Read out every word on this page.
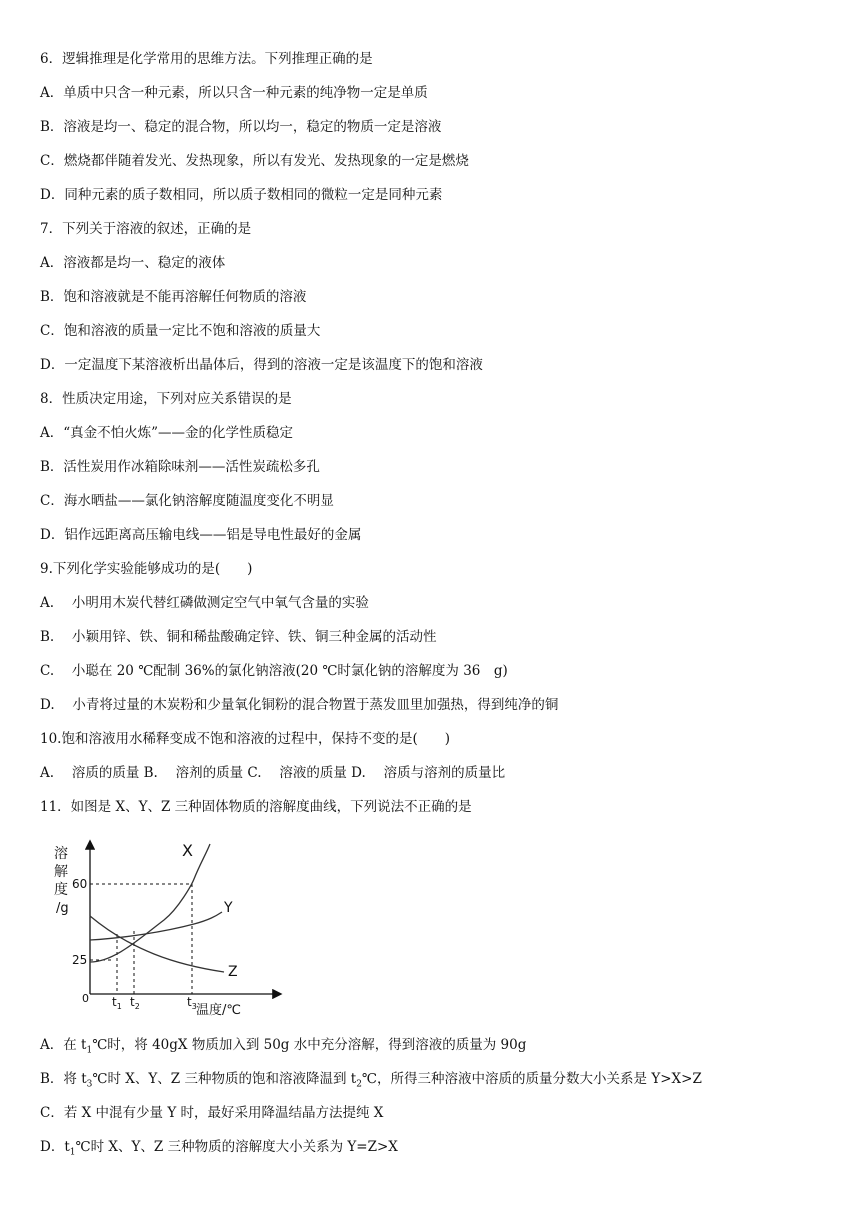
6．逻辑推理是化学常用的思维方法。下列推理正确的是
A．单质中只含一种元素，所以只含一种元素的纯净物一定是单质
B．溶液是均一、稳定的混合物，所以均一，稳定的物质一定是溶液
C．燃烧都伴随着发光、发热现象，所以有发光、发热现象的一定是燃烧
D．同种元素的质子数相同，所以质子数相同的微粒一定是同种元素
7．下列关于溶液的叙述，正确的是
A．溶液都是均一、稳定的液体
B．饱和溶液就是不能再溶解任何物质的溶液
C．饱和溶液的质量一定比不饱和溶液的质量大
D．一定温度下某溶液析出晶体后，得到的溶液一定是该温度下的饱和溶液
8．性质决定用途，下列对应关系错误的是
A．“真金不怕火炼”——金的化学性质稳定
B．活性炭用作冰箱除味剂——活性炭疏松多孔
C．海水晒盐——氯化钠溶解度随温度变化不明显
D．铝作远距离高压输电线——铝是导电性最好的金属
9.下列化学实验能够成功的是(　　)
A.　 小明用木炭代替红磷做测定空气中氧气含量的实验
B.　 小颖用锌、铁、铜和稀盐酸确定锌、铁、铜三种金属的活动性
C.　 小聪在 20 ℃配制 36%的氯化钠溶液(20 ℃时氯化钠的溶解度为 36　g)
D.　 小青将过量的木炭粉和少量氧化铜粉的混合物置于蒸发皿里加强热，得到纯净的铜
10.饱和溶液用水稀释变成不饱和溶液的过程中，保持不变的是(　　)
A.　 溶质的质量 B.　 溶剂的质量 C.　 溶液的质量 D.　 溶质与溶剂的质量比
11．如图是 X、Y、Z 三种固体物质的溶解度曲线，下列说法不正确的是
溶
解
度
/g
60
25
0
X
Y
Z
$t_1$ $t_2$	$t_3$ 温度/℃
A．在 $t_1℃$时，将 40gX 物质加入到 50g 水中充分溶解，得到溶液的质量为 90g
B．将 $t_3℃$时 X、Y、Z 三种物质的饱和溶液降温到 $t_2℃$，所得三种溶液中溶质的质量分数大小关系是 Y>X>Z
C．若 X 中混有少量 Y 时，最好采用降温结晶方法提纯 X
D．$t_1℃$时 X、Y、Z 三种物质的溶解度大小关系为 Y=Z>X
